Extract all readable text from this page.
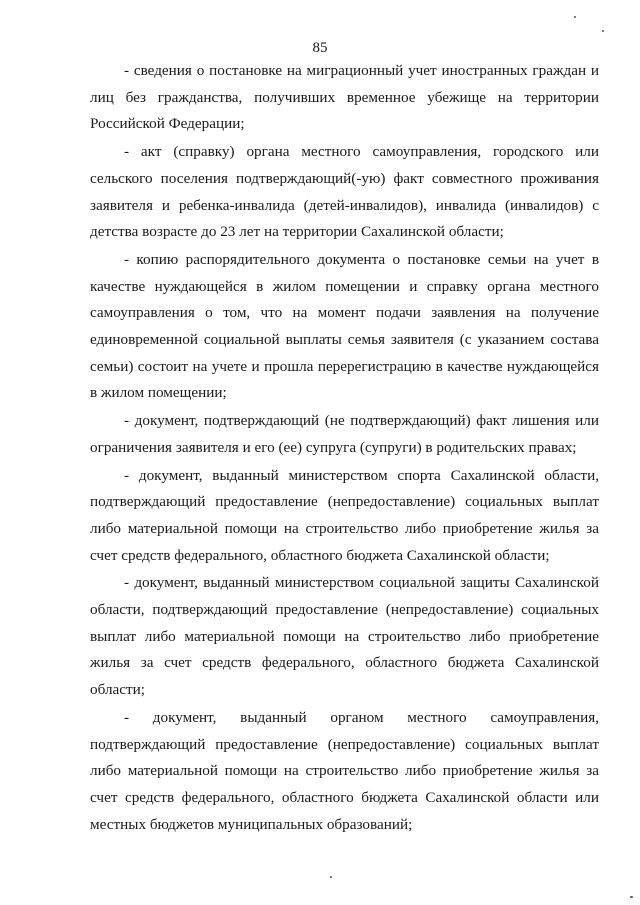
85

- сведения о постановке на миграционный учет иностранных граждан и лиц без гражданства, получивших временное убежище на территории Российской Федерации;

- акт (справку) органа местного самоуправления, городского или сельского поселения подтверждающий(-ую) факт совместного проживания заявителя и ребенка-инвалида (детей-инвалидов), инвалида (инвалидов) с детства возрасте до 23 лет на территории Сахалинской области;

- копию распорядительного документа о постановке семьи на учет в качестве нуждающейся в жилом помещении и справку органа местного самоуправления о том, что на момент подачи заявления на получение единовременной социальной выплаты семья заявителя (с указанием состава семьи) состоит на учете и прошла перерегистрацию в качестве нуждающейся в жилом помещении;

- документ, подтверждающий (не подтверждающий) факт лишения или ограничения заявителя и его (ее) супруга (супруги) в родительских правах;

- документ, выданный министерством спорта Сахалинской области, подтверждающий предоставление (непредоставление) социальных выплат либо материальной помощи на строительство либо приобретение жилья за счет средств федерального, областного бюджета Сахалинской области;

- документ, выданный министерством социальной защиты Сахалинской области, подтверждающий предоставление (непредоставление) социальных выплат либо материальной помощи на строительство либо приобретение жилья за счет средств федерального, областного бюджета Сахалинской области;

- документ, выданный органом местного самоуправления, подтверждающий предоставление (непредоставление) социальных выплат либо материальной помощи на строительство либо приобретение жилья за счет средств федерального, областного бюджета Сахалинской области или местных бюджетов муниципальных образований;
